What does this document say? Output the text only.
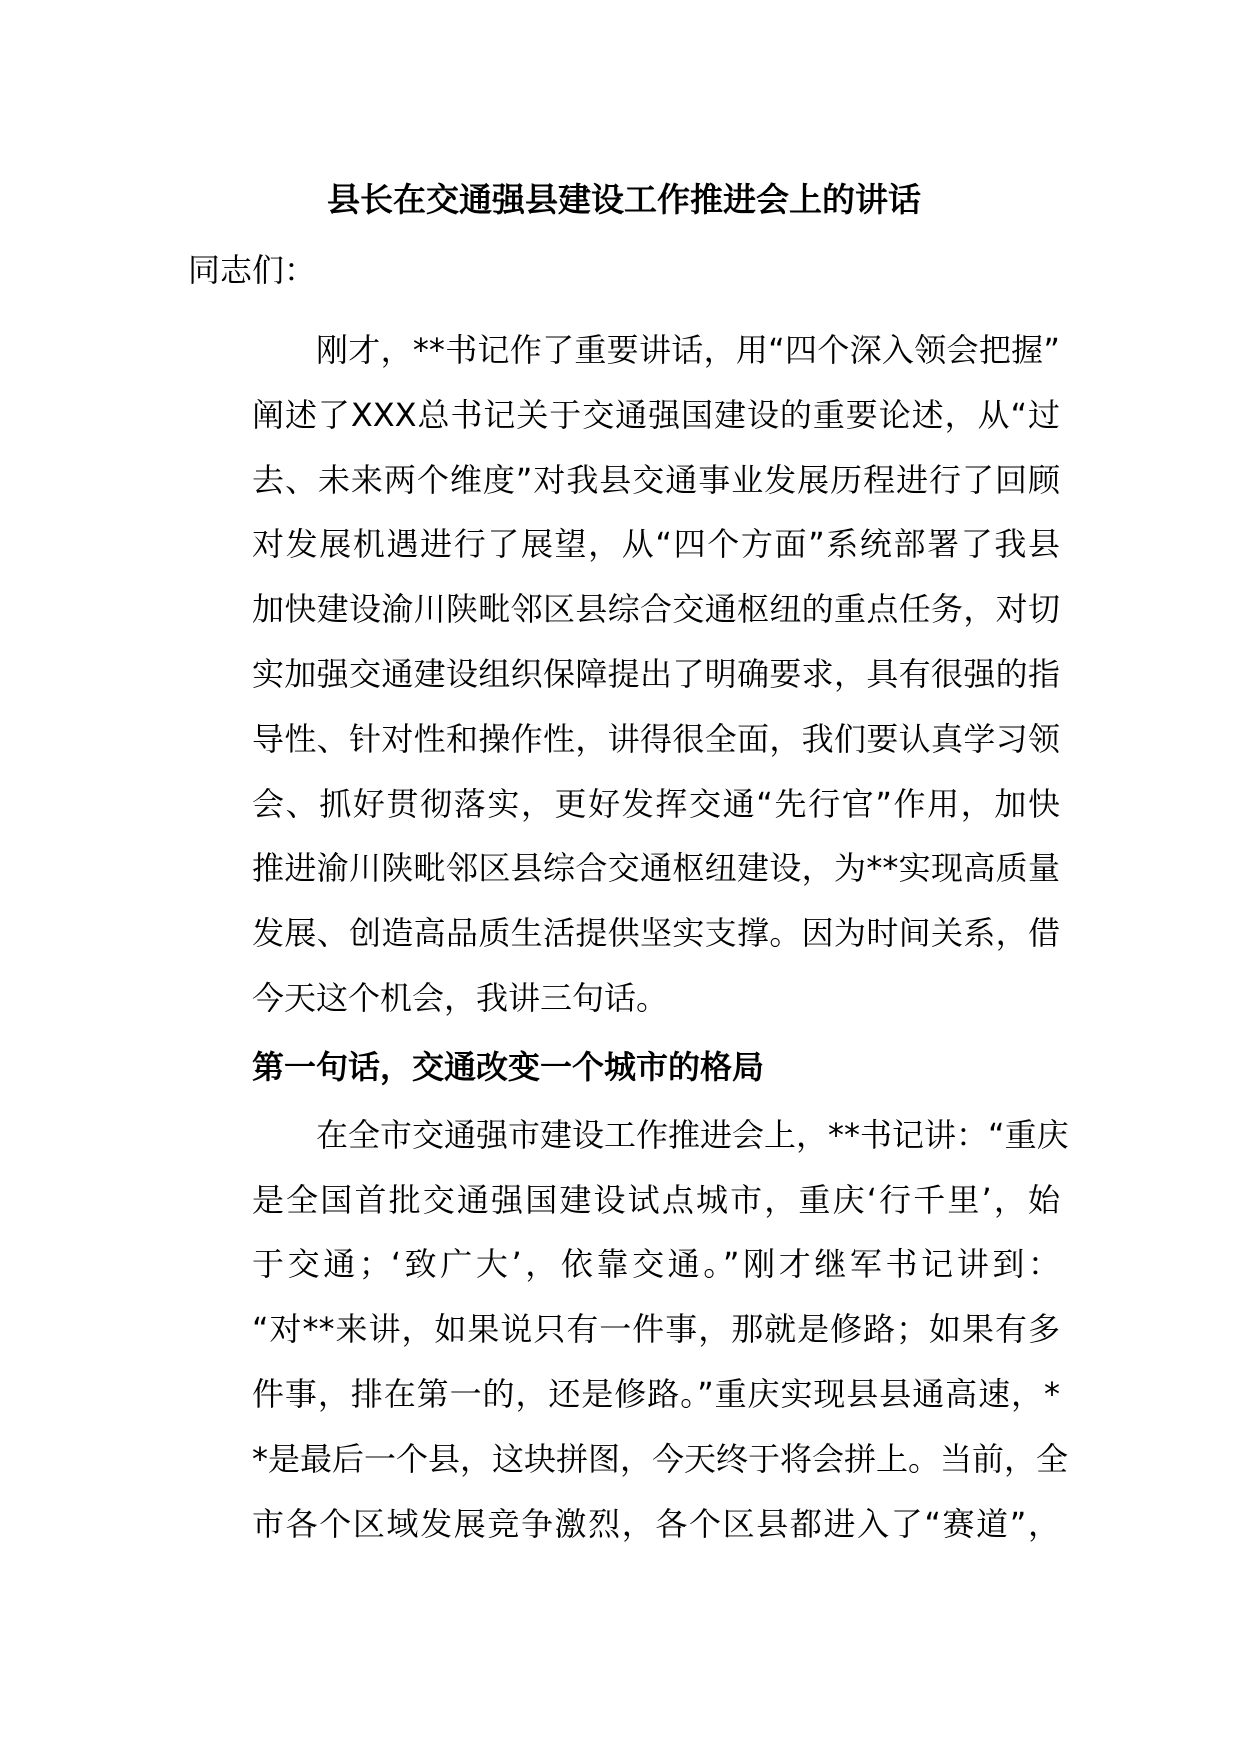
县长在交通强县建设工作推进会上的讲话

同志们：

刚才，**书记作了重要讲话，用“四个深入领会把握”
阐述了XXX总书记关于交通强国建设的重要论述，从“过
去、未来两个维度”对我县交通事业发展历程进行了回顾
对发展机遇进行了展望，从“四个方面”系统部署了我县
加快建设渝川陕毗邻区县综合交通枢纽的重点任务，对切
实加强交通建设组织保障提出了明确要求，具有很强的指
导性、针对性和操作性，讲得很全面，我们要认真学习领
会、抓好贯彻落实，更好发挥交通“先行官”作用，加快
推进渝川陕毗邻区县综合交通枢纽建设，为**实现高质量
发展、创造高品质生活提供坚实支撑。因为时间关系，借
今天这个机会，我讲三句话。
第一句话，交通改变一个城市的格局
在全市交通强市建设工作推进会上，**书记讲：“重庆
是全国首批交通强国建设试点城市，重庆‘行千里’，始
于交通；‘致广大’，依靠交通。”刚才继军书记讲到：
“对**来讲，如果说只有一件事，那就是修路；如果有多
件事，排在第一的，还是修路。”重庆实现县县通高速，*
*是最后一个县，这块拼图，今天终于将会拼上。当前，全
市各个区域发展竞争激烈，各个区县都进入了“赛道”，
